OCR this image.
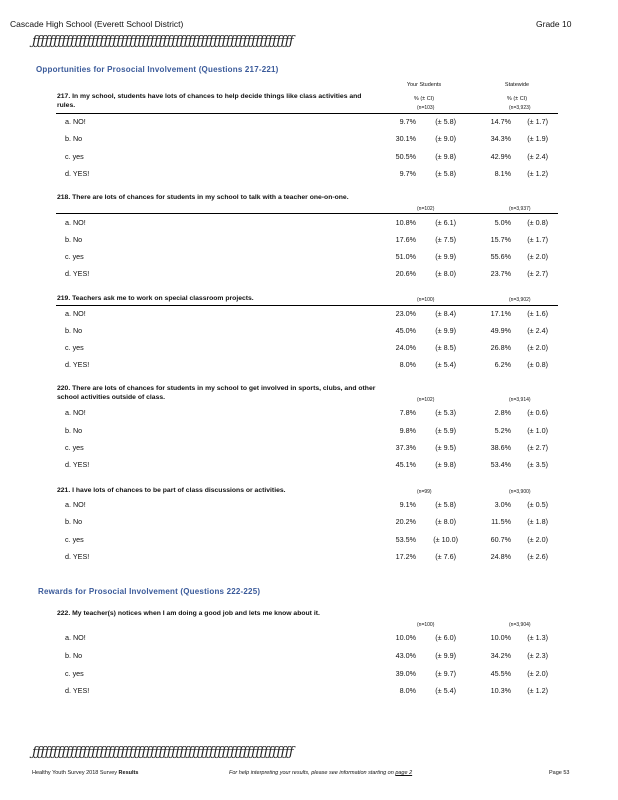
Cascade High School (Everett School District)	Grade 10
ƒƒƒƒƒƒƒƒƒƒƒƒƒƒƒƒƒƒƒƒƒƒƒƒƒƒƒƒƒƒƒƒƒƒƒƒƒƒƒƒƒƒƒƒƒƒƒƒƒƒƒƒƒƒƒƒƒƒƒƒƒƒ
Opportunities for Prosocial Involvement (Questions 217-221)
Your Students	Statewide
% (± CI)	% (± CI)
217. In my school, students have lots of chances to help decide things like class activities and rules.	(n=103)	(n=3,923)
a. NO!	9.7%	(± 5.8)	14.7%	(± 1.7)
b. No	30.1%	(± 9.0)	34.3%	(± 1.9)
c. yes	50.5%	(± 9.8)	42.9%	(± 2.4)
d. YES!	9.7%	(± 5.8)	8.1%	(± 1.2)
218. There are lots of chances for students in my school to talk with a teacher one-on-one.
(n=102)	(n=3,937)
a. NO!	10.8%	(± 6.1)	5.0%	(± 0.8)
b. No	17.6%	(± 7.5)	15.7%	(± 1.7)
c. yes	51.0%	(± 9.9)	55.6%	(± 2.0)
d. YES!	20.6%	(± 8.0)	23.7%	(± 2.7)
219. Teachers ask me to work on special classroom projects.	(n=100)	(n=3,902)
a. NO!	23.0%	(± 8.4)	17.1%	(± 1.6)
b. No	45.0%	(± 9.9)	49.9%	(± 2.4)
c. yes	24.0%	(± 8.5)	26.8%	(± 2.0)
d. YES!	8.0%	(± 5.4)	6.2%	(± 0.8)
220. There are lots of chances for students in my school to get involved in sports, clubs, and other school activities outside of class.	(n=102)	(n=3,914)
a. NO!	7.8%	(± 5.3)	2.8%	(± 0.6)
b. No	9.8%	(± 5.9)	5.2%	(± 1.0)
c. yes	37.3%	(± 9.5)	38.6%	(± 2.7)
d. YES!	45.1%	(± 9.8)	53.4%	(± 3.5)
221. I have lots of chances to be part of class discussions or activities.	(n=99)	(n=3,900)
a. NO!	9.1%	(± 5.8)	3.0%	(± 0.5)
b. No	20.2%	(± 8.0)	11.5%	(± 1.8)
c. yes	53.5%	(± 10.0)	60.7%	(± 2.0)
d. YES!	17.2%	(± 7.6)	24.8%	(± 2.6)
Rewards for Prosocial Involvement (Questions 222-225)
222. My teacher(s) notices when I am doing a good job and lets me know about it.
(n=100)	(n=3,904)
a. NO!	10.0%	(± 6.0)	10.0%	(± 1.3)
b. No	43.0%	(± 9.9)	34.2%	(± 2.3)
c. yes	39.0%	(± 9.7)	45.5%	(± 2.0)
d. YES!	8.0%	(± 5.4)	10.3%	(± 1.2)
ƒƒƒƒƒƒƒƒƒƒƒƒƒƒƒƒƒƒƒƒƒƒƒƒƒƒƒƒƒƒƒƒƒƒƒƒƒƒƒƒƒƒƒƒƒƒƒƒƒƒƒƒƒƒƒƒƒƒƒƒƒƒ
Healthy Youth Survey 2018 Survey Results	For help interpreting your results, please see information starting on page 2	Page 53
